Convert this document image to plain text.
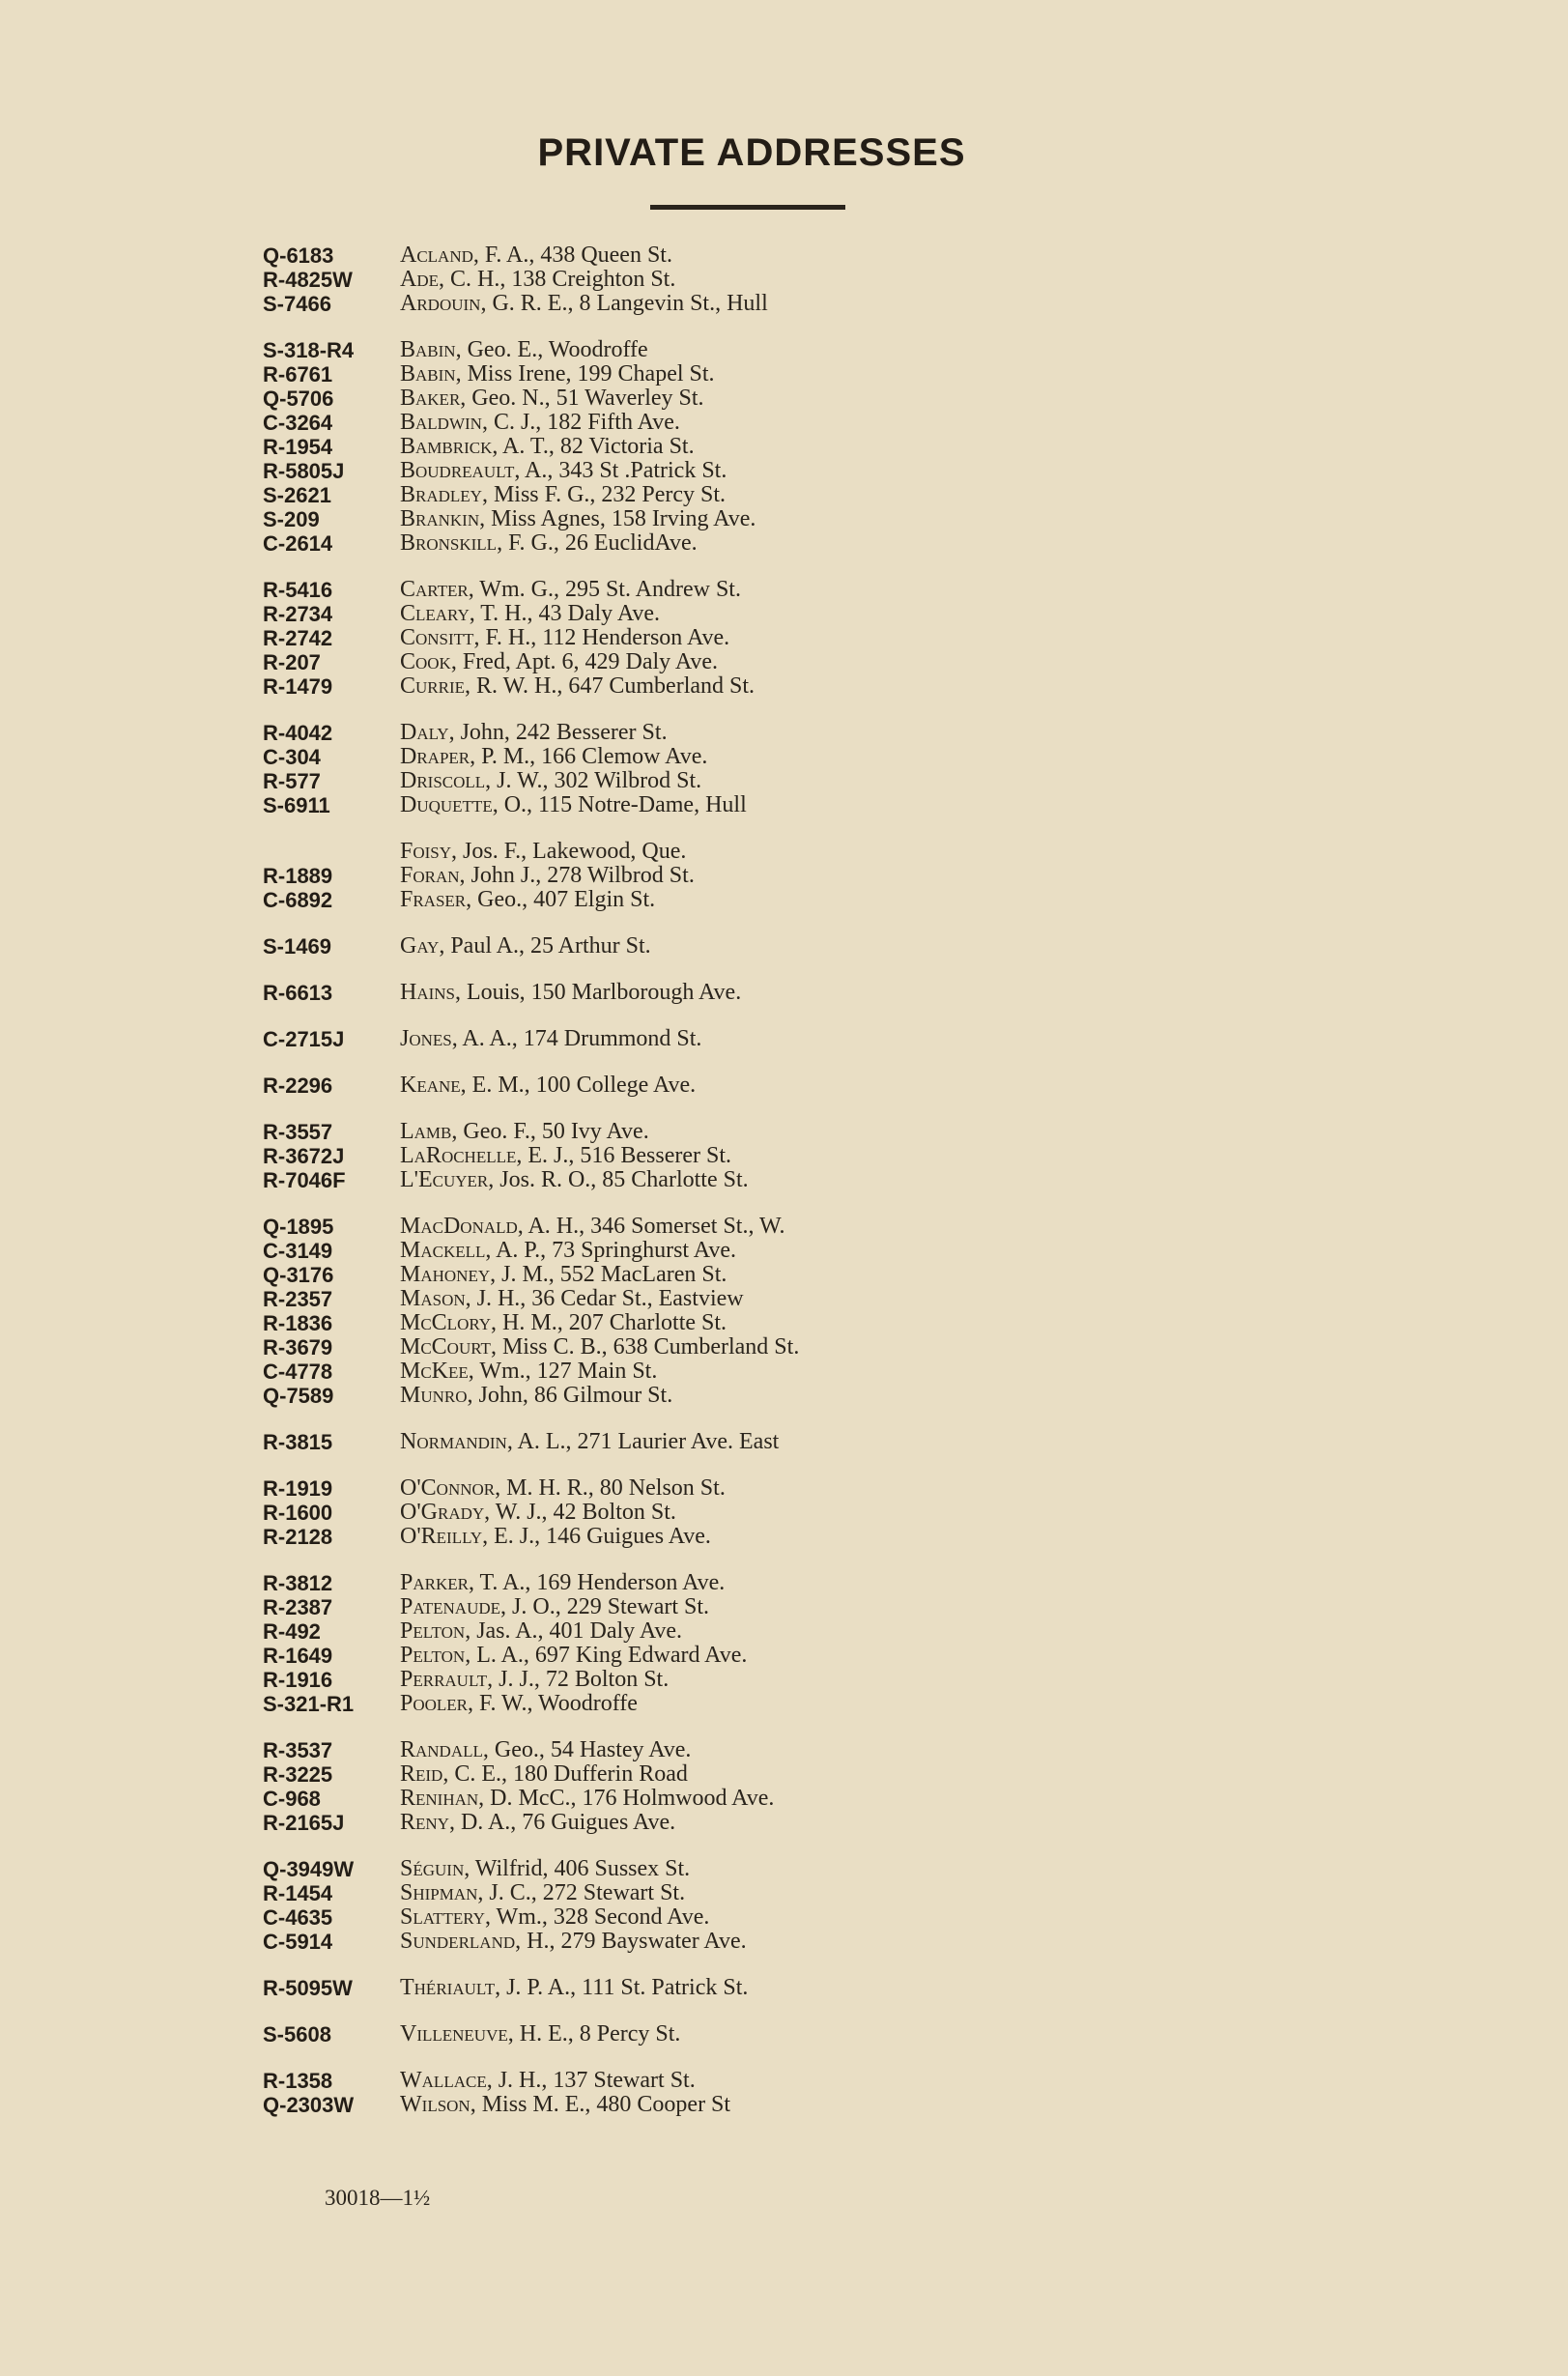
PRIVATE ADDRESSES
Q-6183	Acland, F. A., 438 Queen St.
R-4825W	Ade, C. H., 138 Creighton St.
S-7466	Ardouin, G. R. E., 8 Langevin St., Hull
S-318-R4	Babin, Geo. E., Woodroffe
R-6761	Babin, Miss Irene, 199 Chapel St.
Q-5706	Baker, Geo. N., 51 Waverley St.
C-3264	Baldwin, C. J., 182 Fifth Ave.
R-1954	Bambrick, A. T., 82 Victoria St.
R-5805J	Boudreault, A., 343 St .Patrick St.
S-2621	Bradley, Miss F. G., 232 Percy St.
S-209	Brankin, Miss Agnes, 158 Irving Ave.
C-2614	Bronskill, F. G., 26 EuclidAve.
R-5416	Carter, Wm. G., 295 St. Andrew St.
R-2734	Cleary, T. H., 43 Daly Ave.
R-2742	Consitt, F. H., 112 Henderson Ave.
R-207	Cook, Fred, Apt. 6, 429 Daly Ave.
R-1479	Currie, R. W. H., 647 Cumberland St.
R-4042	Daly, John, 242 Besserer St.
C-304	Draper, P. M., 166 Clemow Ave.
R-577	Driscoll, J. W., 302 Wilbrod St.
S-6911	Duquette, O., 115 Notre-Dame, Hull
Foisy, Jos. F., Lakewood, Que.
R-1889	Foran, John J., 278 Wilbrod St.
C-6892	Fraser, Geo., 407 Elgin St.
S-1469	Gay, Paul A., 25 Arthur St.
R-6613	Hains, Louis, 150 Marlborough Ave.
C-2715J	Jones, A. A., 174 Drummond St.
R-2296	Keane, E. M., 100 College Ave.
R-3557	Lamb, Geo. F., 50 Ivy Ave.
R-3672J	LaRochelle, E. J., 516 Besserer St.
R-7046F	L'Ecuyer, Jos. R. O., 85 Charlotte St.
Q-1895	MacDonald, A. H., 346 Somerset St., W.
C-3149	Mackell, A. P., 73 Springhurst Ave.
Q-3176	Mahoney, J. M., 552 MacLaren St.
R-2357	Mason, J. H., 36 Cedar St., Eastview
R-1836	McClory, H. M., 207 Charlotte St.
R-3679	McCourt, Miss C. B., 638 Cumberland St.
C-4778	McKee, Wm., 127 Main St.
Q-7589	Munro, John, 86 Gilmour St.
R-3815	Normandin, A. L., 271 Laurier Ave. East
R-1919	O'Connor, M. H. R., 80 Nelson St.
R-1600	O'Grady, W. J., 42 Bolton St.
R-2128	O'Reilly, E. J., 146 Guigues Ave.
R-3812	Parker, T. A., 169 Henderson Ave.
R-2387	Patenaude, J. O., 229 Stewart St.
R-492	Pelton, Jas. A., 401 Daly Ave.
R-1649	Pelton, L. A., 697 King Edward Ave.
R-1916	Perrault, J. J., 72 Bolton St.
S-321-R1	Pooler, F. W., Woodroffe
R-3537	Randall, Geo., 54 Hastey Ave.
R-3225	Reid, C. E., 180 Dufferin Road
C-968	Renihan, D. McC., 176 Holmwood Ave.
R-2165J	Reny, D. A., 76 Guigues Ave.
Q-3949W	Séguin, Wilfrid, 406 Sussex St.
R-1454	Shipman, J. C., 272 Stewart St.
C-4635	Slattery, Wm., 328 Second Ave.
C-5914	Sunderland, H., 279 Bayswater Ave.
R-5095W	Thériault, J. P. A., 111 St. Patrick St.
S-5608	Villeneuve, H. E., 8 Percy St.
R-1358	Wallace, J. H., 137 Stewart St.
Q-2303W	Wilson, Miss M. E., 480 Cooper St
30018—1½
